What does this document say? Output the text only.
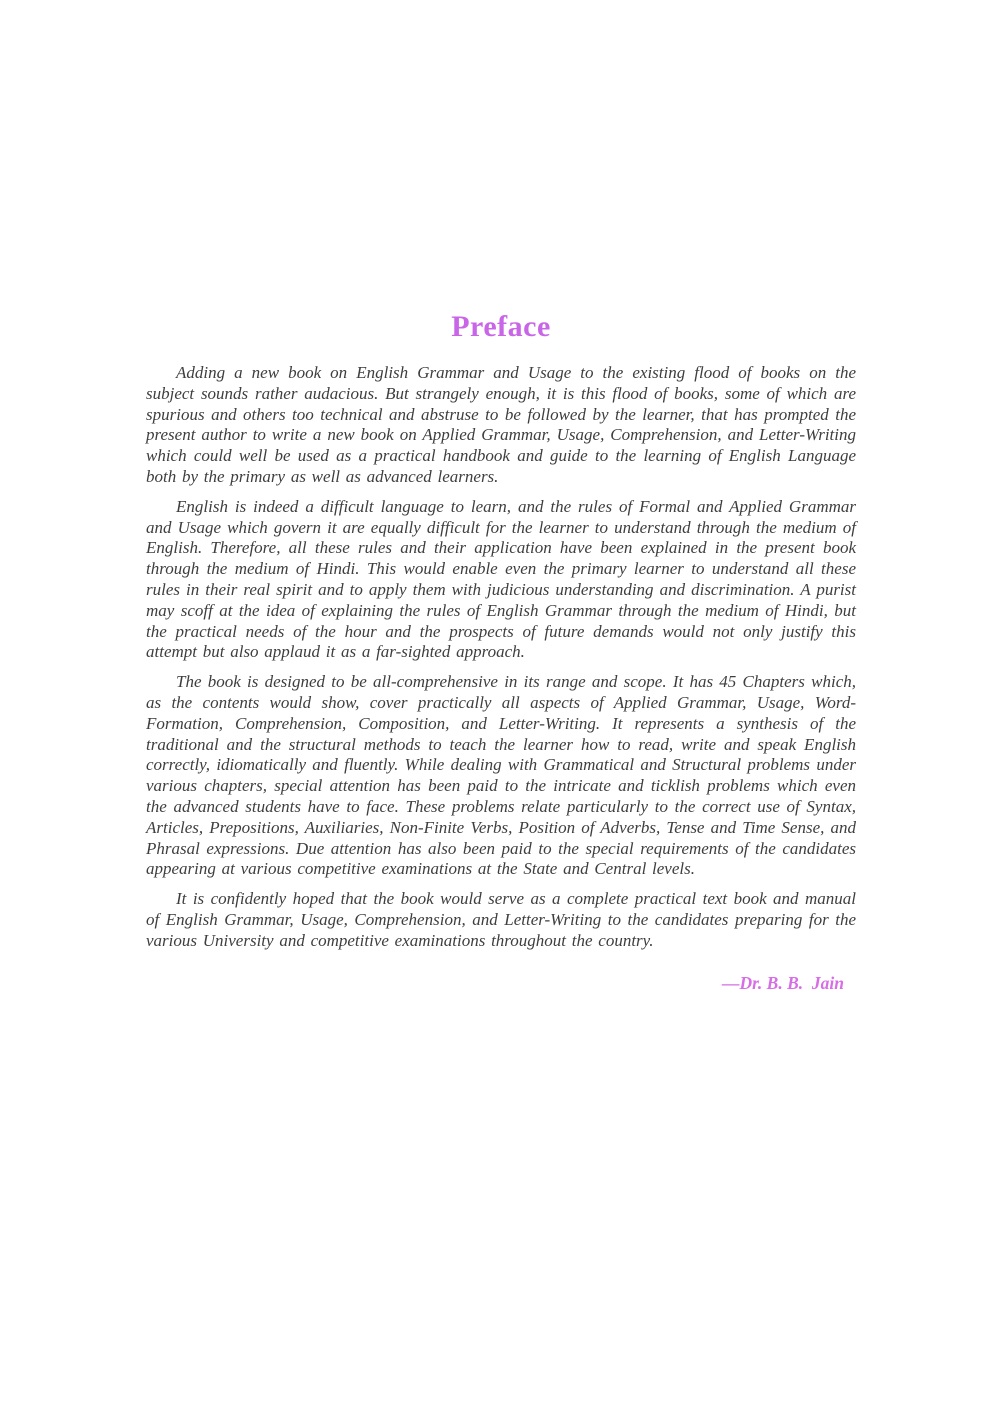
Preface

Adding a new book on English Grammar and Usage to the existing flood of books on the subject sounds rather audacious. But strangely enough, it is this flood of books, some of which are spurious and others too technical and abstruse to be followed by the learner, that has prompted the present author to write a new book on Applied Grammar, Usage, Comprehension, and Letter-Writing which could well be used as a practical handbook and guide to the learning of English Language both by the primary as well as advanced learners.

English is indeed a difficult language to learn, and the rules of Formal and Applied Grammar and Usage which govern it are equally difficult for the learner to understand through the medium of English. Therefore, all these rules and their application have been explained in the present book through the medium of Hindi. This would enable even the primary learner to understand all these rules in their real spirit and to apply them with judicious understanding and discrimination. A purist may scoff at the idea of explaining the rules of English Grammar through the medium of Hindi, but the practical needs of the hour and the prospects of future demands would not only justify this attempt but also applaud it as a far-sighted approach.

The book is designed to be all-comprehensive in its range and scope. It has 45 Chapters which, as the contents would show, cover practically all aspects of Applied Grammar, Usage, Word-Formation, Comprehension, Composition, and Letter-Writing. It represents a synthesis of the traditional and the structural methods to teach the learner how to read, write and speak English correctly, idiomatically and fluently. While dealing with Grammatical and Structural problems under various chapters, special attention has been paid to the intricate and ticklish problems which even the advanced students have to face. These problems relate particularly to the correct use of Syntax, Articles, Prepositions, Auxiliaries, Non-Finite Verbs, Position of Adverbs, Tense and Time Sense, and Phrasal expressions. Due attention has also been paid to the special requirements of the candidates appearing at various competitive examinations at the State and Central levels.

It is confidently hoped that the book would serve as a complete practical text book and manual of English Grammar, Usage, Comprehension, and Letter-Writing to the candidates preparing for the various University and competitive examinations throughout the country.

—Dr. B. B.  Jain
